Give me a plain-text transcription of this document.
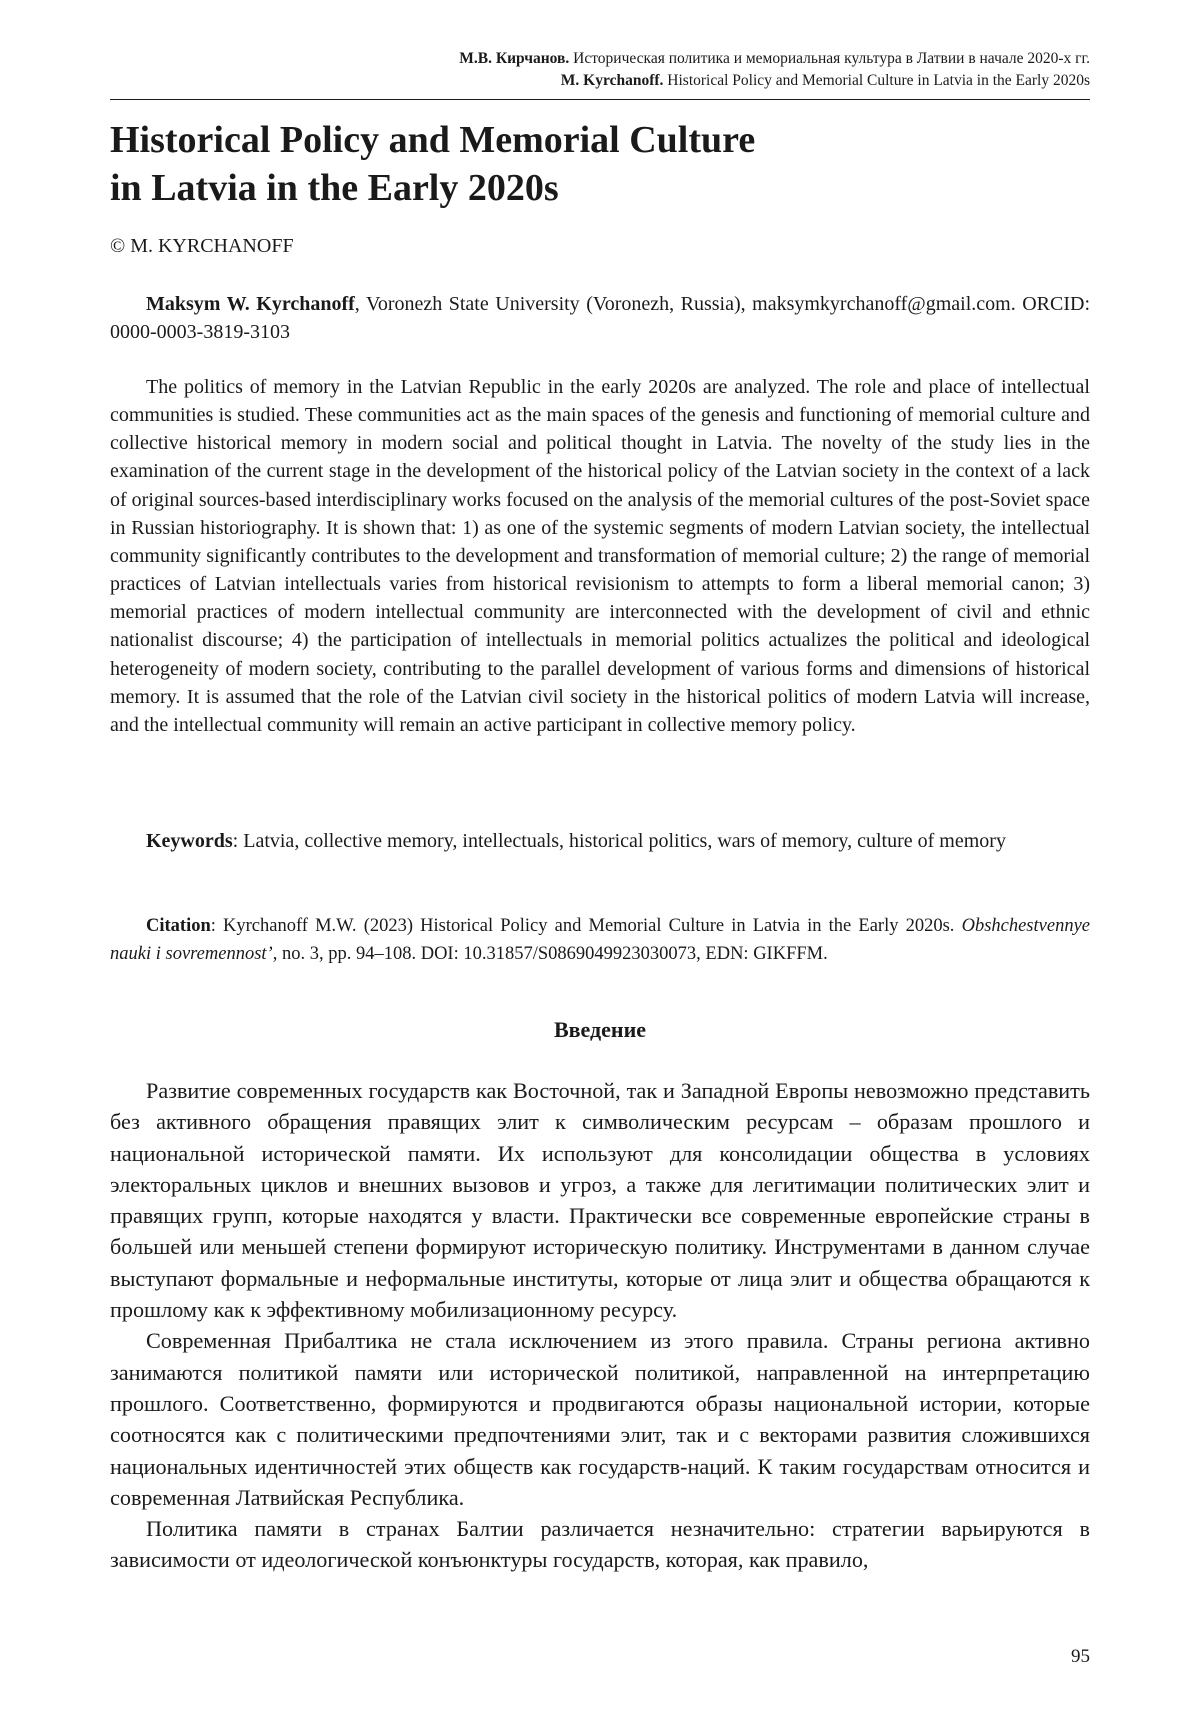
М.В. Кирчанов. Историческая политика и мемориальная культура в Латвии в начале 2020-х гг.
M. Kyrchanoff. Historical Policy and Memorial Culture in Latvia in the Early 2020s
Historical Policy and Memorial Culture
in Latvia in the Early 2020s
© M. KYRCHANOFF

Maksym W. Kyrchanoff, Voronezh State University (Voronezh, Russia), maksymkyrchanoff@gmail.com. ORCID: 0000-0003-3819-3103

The politics of memory in the Latvian Republic in the early 2020s are analyzed. The role and place of intellectual communities is studied. These communities act as the main spaces of the genesis and functioning of memorial culture and collective historical memory in modern social and political thought in Latvia. The novelty of the study lies in the examination of the current stage in the development of the historical policy of the Latvian society in the context of a lack of original sources-based interdisciplinary works focused on the analysis of the memorial cultures of the post-Soviet space in Russian historiography. It is shown that: 1) as one of the systemic segments of modern Latvian society, the intellectual community significantly contributes to the development and transformation of memorial culture; 2) the range of memorial practices of Latvian intellectuals varies from historical revisionism to attempts to form a liberal memorial canon; 3) memorial practices of modern intellectual community are interconnected with the development of civil and ethnic nationalist discourse; 4) the participation of intellectuals in memorial politics actualizes the political and ideological heterogeneity of modern society, contributing to the parallel development of various forms and dimensions of historical memory. It is assumed that the role of the Latvian civil society in the historical politics of modern Latvia will increase, and the intellectual community will remain an active participant in collective memory policy.

Keywords: Latvia, collective memory, intellectuals, historical politics, wars of memory, culture of memory

Citation: Kyrchanoff M.W. (2023) Historical Policy and Memorial Culture in Latvia in the Early 2020s. Obshchestvennye nauki i sovremennost’, no. 3, pp. 94–108. DOI: 10.31857/S0869049923030073, EDN: GIKFFM.

Введение

Развитие современных государств как Восточной, так и Западной Европы невозможно представить без активного обращения правящих элит к символическим ресурсам – образам прошлого и национальной исторической памяти. Их используют для консолидации общества в условиях электоральных циклов и внешних вызовов и угроз, а также для легитимации политических элит и правящих групп, которые находятся у власти. Практически все современные европейские страны в большей или меньшей степени формируют историческую политику. Инструментами в данном случае выступают формальные и неформальные институты, которые от лица элит и общества обращаются к прошлому как к эффективному мобилизационному ресурсу.

Современная Прибалтика не стала исключением из этого правила. Страны региона активно занимаются политикой памяти или исторической политикой, направленной на интерпретацию прошлого. Соответственно, формируются и продвигаются образы национальной истории, которые соотносятся как с политическими предпочтениями элит, так и с векторами развития сложившихся национальных идентичностей этих обществ как государств-наций. К таким государствам относится и современная Латвийская Республика.

Политика памяти в странах Балтии различается незначительно: стратегии варьируются в зависимости от идеологической конъюнктуры государств, которая, как правило,

95
